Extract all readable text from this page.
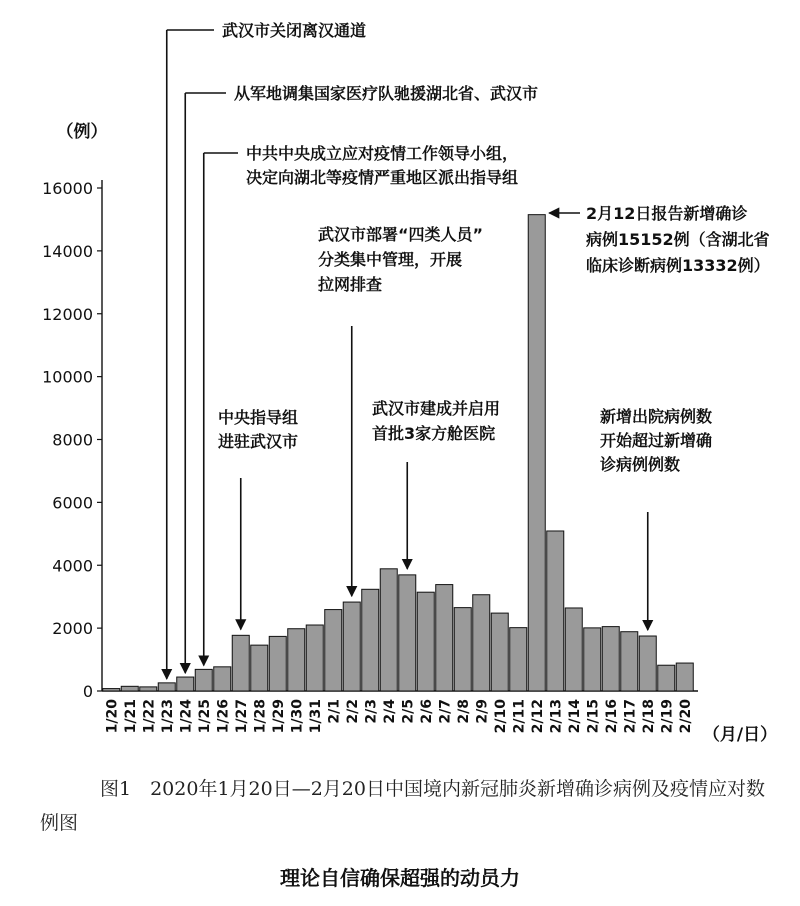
0
2000
4000
6000
8000
10000
12000
14000
16000
（例）
1/20 1/21 1/22 1/23 1/24 1/25 1/26 1/27 1/28 1/29 1/30 1/31 2/1 2/2 2/3 2/4 2/5 2/6 2/7 2/8 2/9 2/10 2/11 2/12 2/13 2/14 2/15 2/16 2/17 2/18 2/19 2/20
（月/日）
武汉市关闭离汉通道
从军地调集国家医疗队驰援湖北省、武汉市
中共中央成立应对疫情工作领导小组，
决定向湖北等疫情严重地区派出指导组
中央指导组
进驻武汉市
武汉市部署“四类人员”
分类集中管理，开展
拉网排查
武汉市建成并启用
首批3家方舱医院
2月12日报告新增确诊
病例15152例（含湖北省
临床诊断病例13332例）
新增出院病例数
开始超过新增确
诊病例例数

图1　2020年1月20日—2月20日中国境内新冠肺炎新增确诊病例及疫情应对数例图

理论自信确保超强的动员力
